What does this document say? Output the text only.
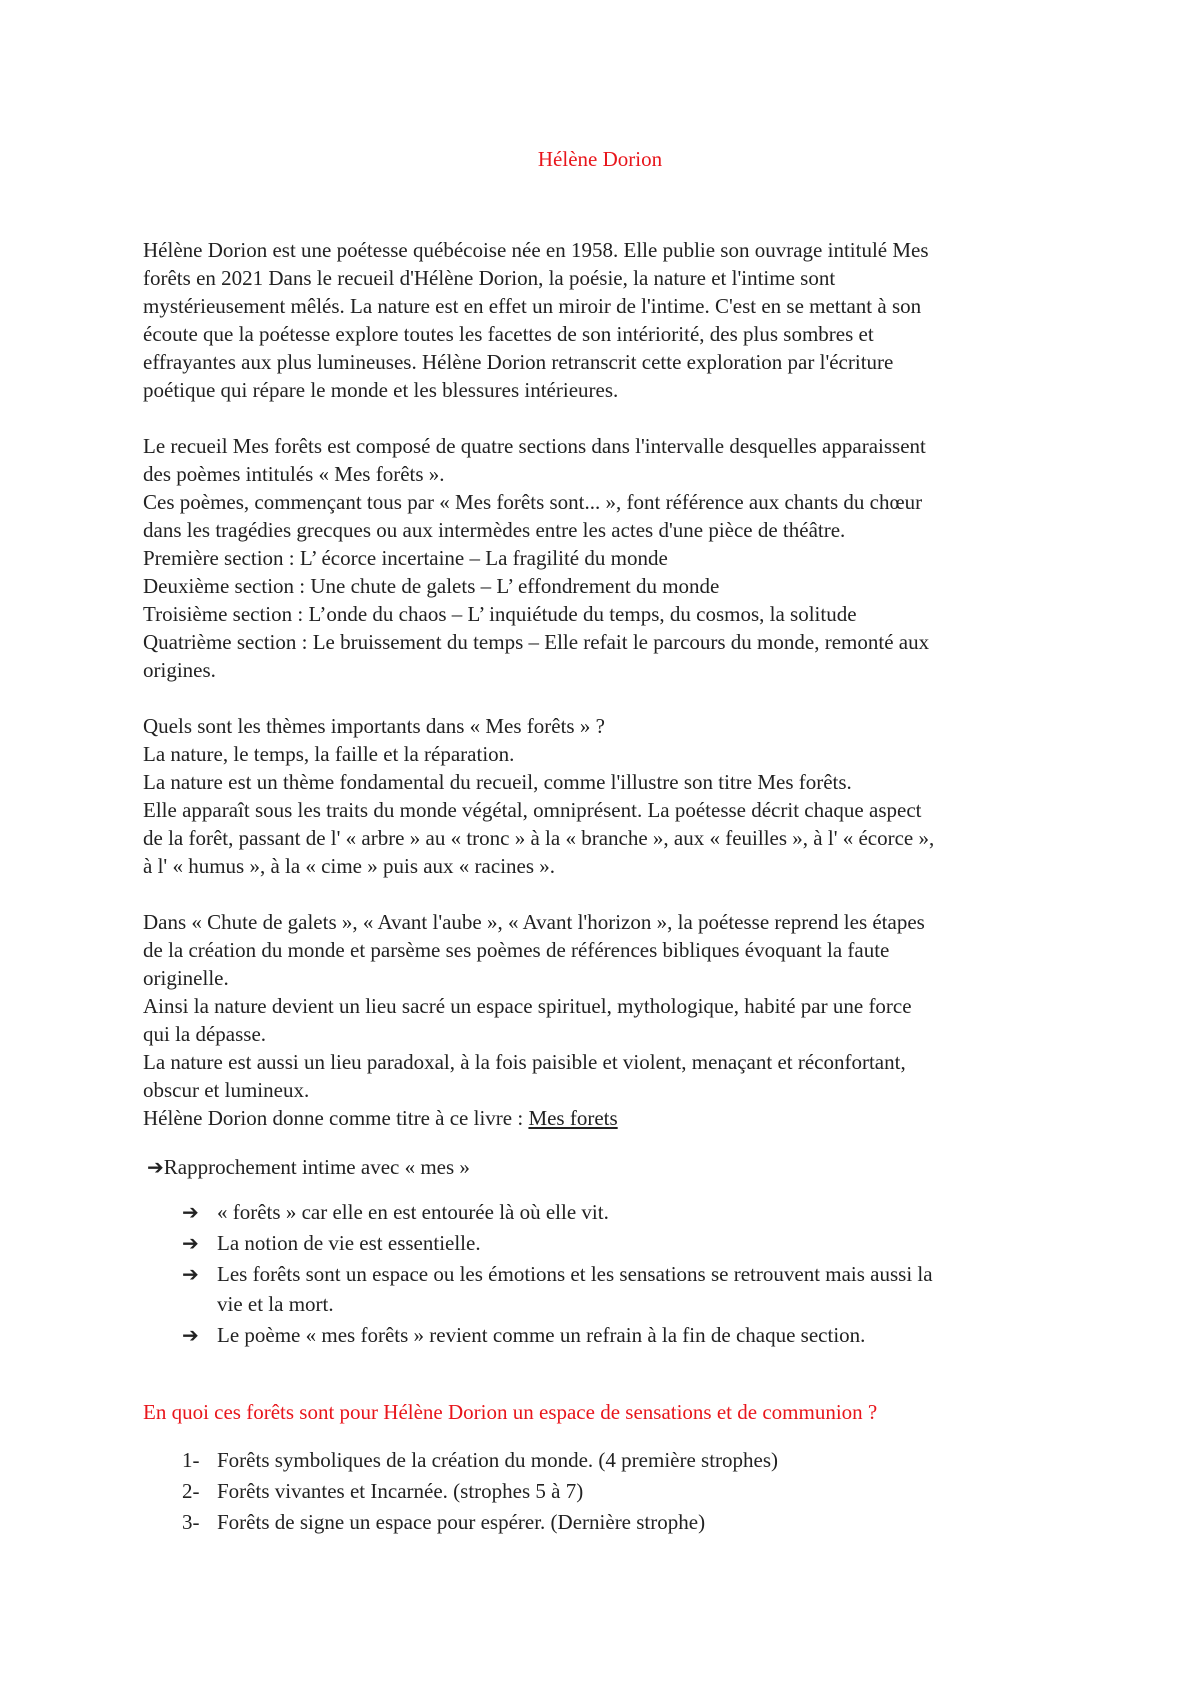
Hélène Dorion
Hélène Dorion est une poétesse québécoise née en 1958. Elle publie son ouvrage intitulé Mes
forêts en 2021 Dans le recueil d'Hélène Dorion, la poésie, la nature et l'intime sont
mystérieusement mêlés. La nature est en effet un miroir de l'intime. C'est en se mettant à son
écoute que la poétesse explore toutes les facettes de son intériorité, des plus sombres et
effrayantes aux plus lumineuses. Hélène Dorion retranscrit cette exploration par l'écriture
poétique qui répare le monde et les blessures intérieures.
Le recueil Mes forêts est composé de quatre sections dans l'intervalle desquelles apparaissent
des poèmes intitulés « Mes forêts ».
Ces poèmes, commençant tous par « Mes forêts sont... », font référence aux chants du chœur
dans les tragédies grecques ou aux intermèdes entre les actes d'une pièce de théâtre.
Première section : L’ écorce incertaine – La fragilité du monde
Deuxième section : Une chute de galets – L’ effondrement du monde
Troisième section : L’onde du chaos – L’ inquiétude du temps, du cosmos, la solitude
Quatrième section : Le bruissement du temps – Elle refait le parcours du monde, remonté aux
origines.
Quels sont les thèmes importants dans « Mes forêts » ?
La nature, le temps, la faille et la réparation.
La nature est un thème fondamental du recueil, comme l'illustre son titre Mes forêts.
Elle apparaît sous les traits du monde végétal, omniprésent. La poétesse décrit chaque aspect
de la forêt, passant de l' « arbre » au « tronc » à la « branche », aux « feuilles », à l' « écorce »,
à l' « humus », à la « cime » puis aux « racines ».
Dans « Chute de galets », « Avant l'aube », « Avant l'horizon », la poétesse reprend les étapes
de la création du monde et parsème ses poèmes de références bibliques évoquant la faute
originelle.
Ainsi la nature devient un lieu sacré un espace spirituel, mythologique, habité par une force
qui la dépasse.
La nature est aussi un lieu paradoxal, à la fois paisible et violent, menaçant et réconfortant,
obscur et lumineux.
Hélène Dorion donne comme titre à ce livre : Mes forets
➔Rapprochement intime avec « mes »
➔ « forêts » car elle en est entourée là où elle vit.
➔ La notion de vie est essentielle.
➔ Les forêts sont un espace ou les émotions et les sensations se retrouvent mais aussi la
vie et la mort.
➔ Le poème « mes forêts » revient comme un refrain à la fin de chaque section.
En quoi ces forêts sont pour Hélène Dorion un espace de sensations et de communion ?
1- Forêts symboliques de la création du monde. (4 première strophes)
2- Forêts vivantes et Incarnée. (strophes 5 à 7)
3- Forêts de signe un espace pour espérer. (Dernière strophe)
